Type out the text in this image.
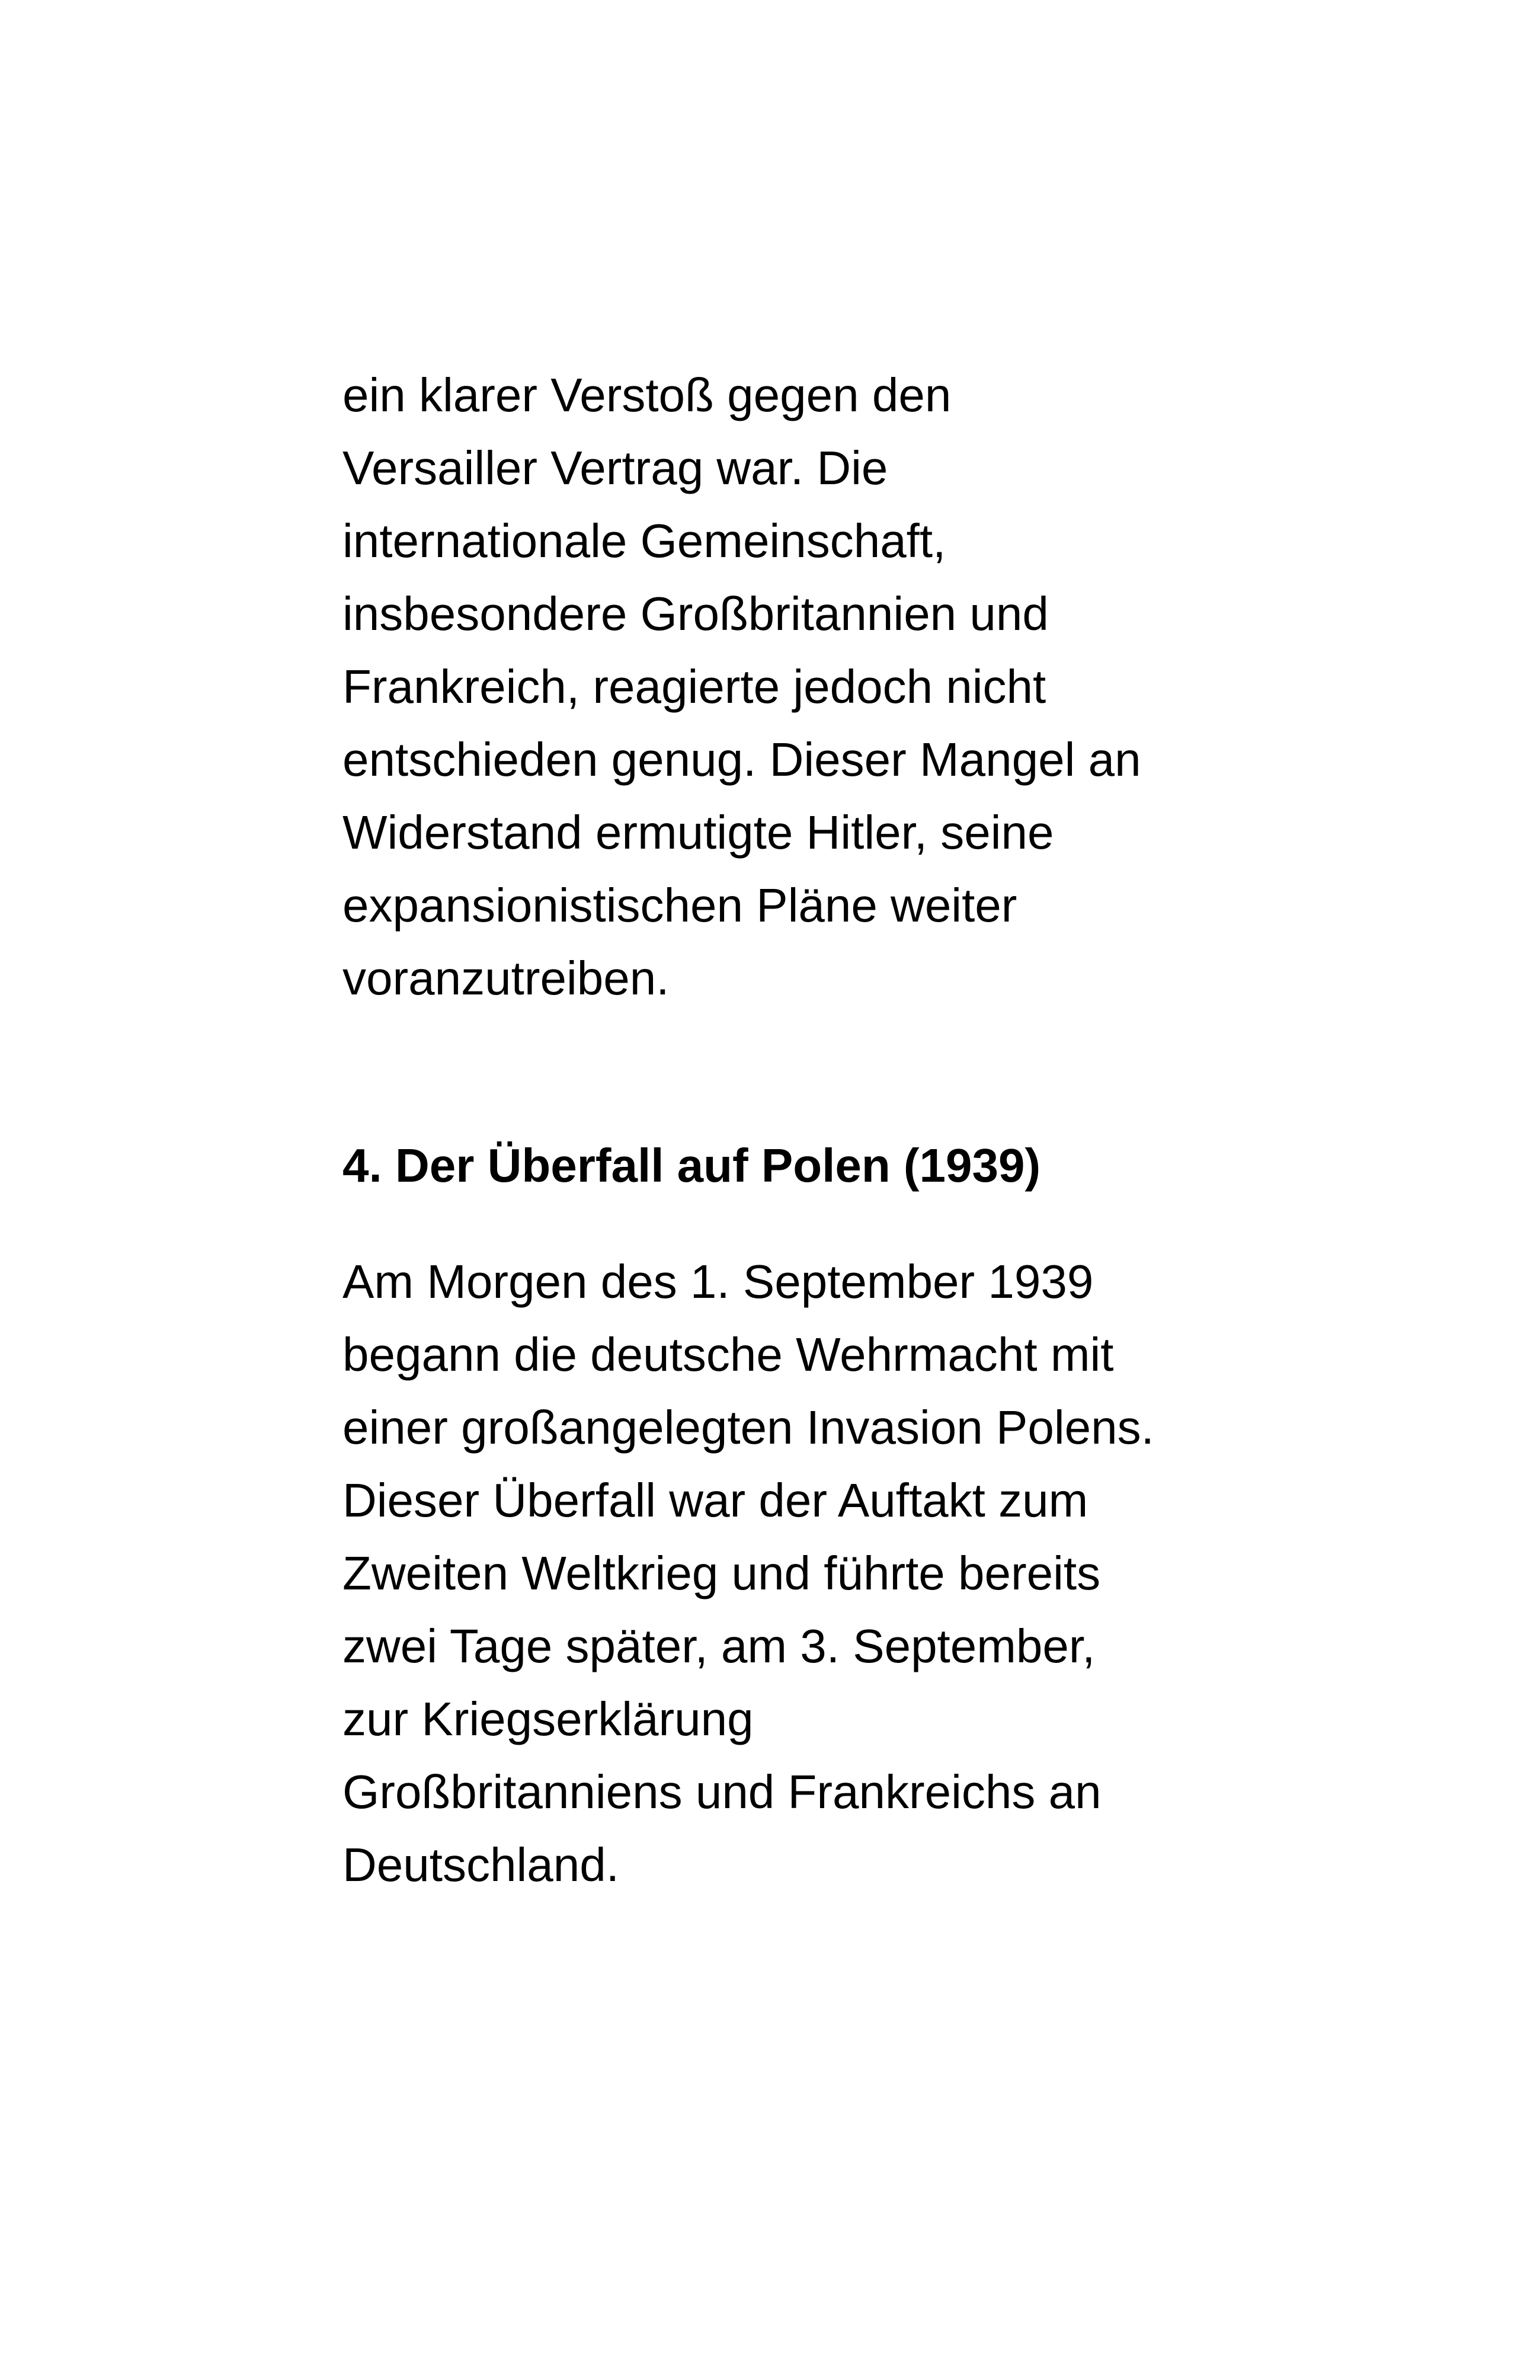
ein klarer Verstoß gegen den
Versailler Vertrag war. Die
internationale Gemeinschaft,
insbesondere Großbritannien und
Frankreich, reagierte jedoch nicht
entschieden genug. Dieser Mangel an
Widerstand ermutigte Hitler, seine
expansionistischen Pläne weiter
voranzutreiben.
4. Der Überfall auf Polen (1939)
Am Morgen des 1. September 1939
begann die deutsche Wehrmacht mit
einer großangelegten Invasion Polens.
Dieser Überfall war der Auftakt zum
Zweiten Weltkrieg und führte bereits
zwei Tage später, am 3. September,
zur Kriegserklärung
Großbritanniens und Frankreichs an
Deutschland.
